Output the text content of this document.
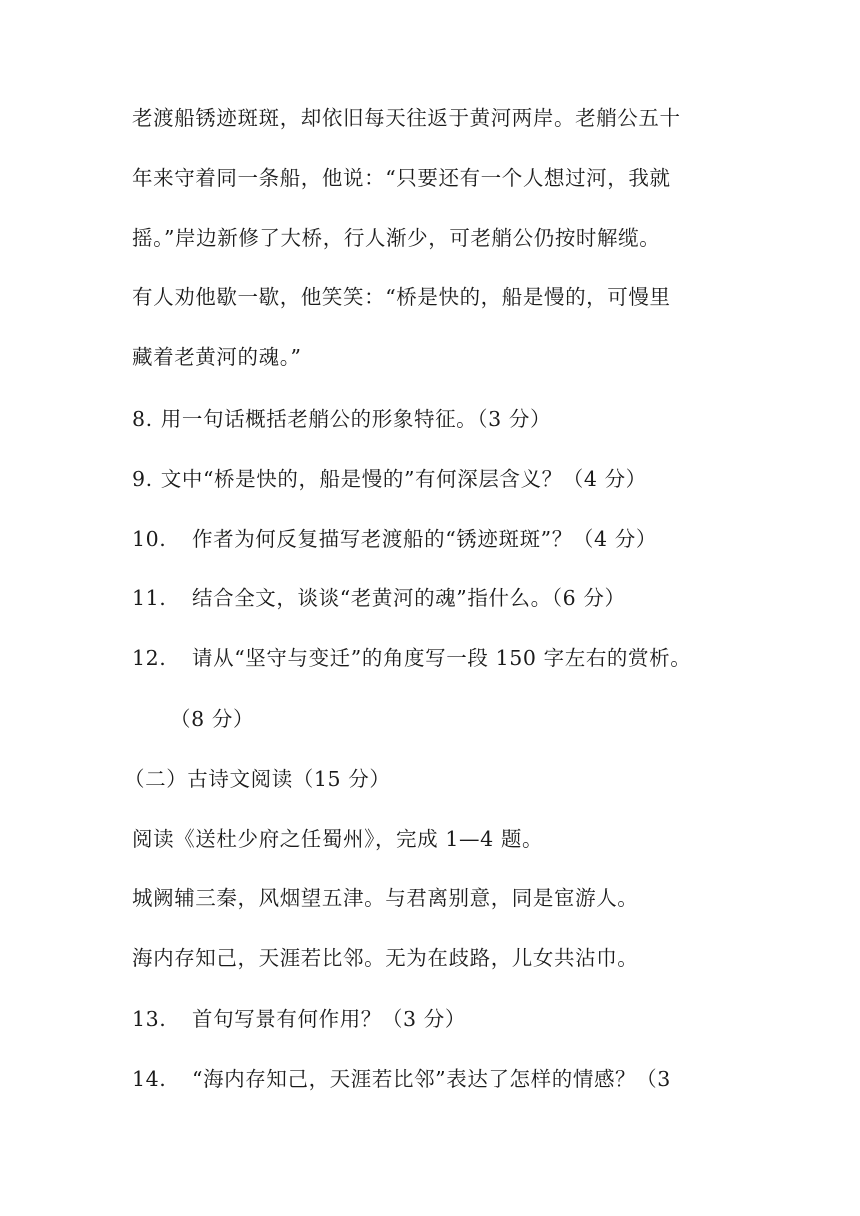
老渡船锈迹斑斑，却依旧每天往返于黄河两岸。老艄公五十
年来守着同一条船，他说：“只要还有一个人想过河，我就
摇。”岸边新修了大桥，行人渐少，可老艄公仍按时解缆。
有人劝他歇一歇，他笑笑：“桥是快的，船是慢的，可慢里
藏着老黄河的魂。”
8. 用一句话概括老艄公的形象特征。（3 分）
9. 文中“桥是快的，船是慢的”有何深层含义？（4 分）
10. 作者为何反复描写老渡船的“锈迹斑斑”？（4 分）
11. 结合全文，谈谈“老黄河的魂”指什么。（6 分）
12. 请从“坚守与变迁”的角度写一段 150 字左右的赏析。
（8 分）
（二）古诗文阅读（15 分）
阅读《送杜少府之任蜀州》，完成 1—4 题。
城阙辅三秦，风烟望五津。与君离别意，同是宦游人。
海内存知己，天涯若比邻。无为在歧路，儿女共沾巾。
13. 首句写景有何作用？（3 分）
14. “海内存知己，天涯若比邻”表达了怎样的情感？（3
